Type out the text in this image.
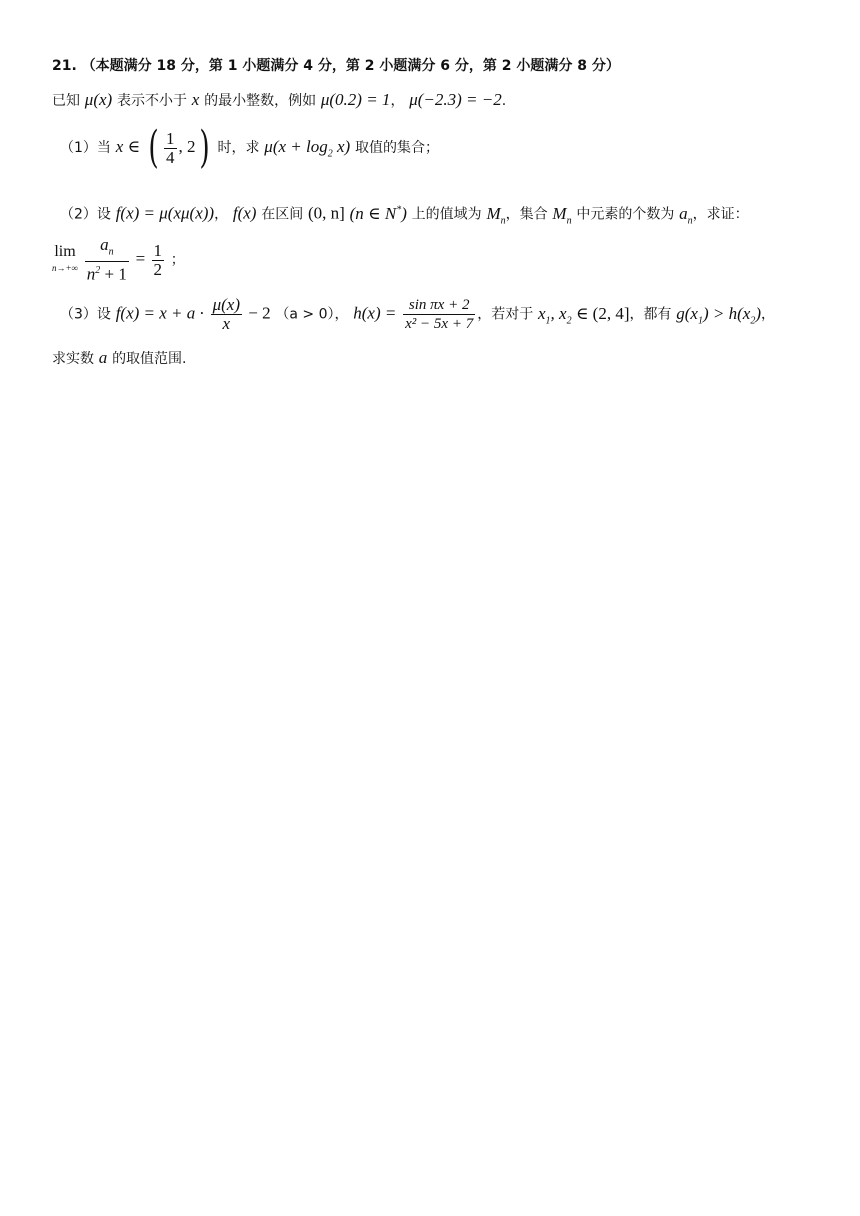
21. （本题满分 18 分，第 1 小题满分 4 分，第 2 小题满分 6 分，第 2 小题满分 8 分）
已知 μ(x) 表示不小于 x 的最小整数，例如 μ(0.2) = 1， μ(−2.3) = −2.
（1）当 x ∈ ( $\frac{1}{4}$ , 2) 时，求 $\mu(x + \log_2 x)$ 取值的集合；
（2）设 f(x) = μ(xμ(x))， f(x) 在区间 (0, n] (n ∈ N*) 上的值域为 $M_n$，集合 $M_n$ 中元素的个数为 $a_n$，求证：
lim
n→+∞
$\frac{a_n}{n^2 + 1} = \frac{1}{2}$ ；
（3）设 $f(x) = x + a \cdot \frac{\mu(x)}{x} - 2$ （a > 0）， $h(x) = \frac{\text{sin πx + 2}}{\text{x² − 5x + 7}}$ ，若对于 $x_1$, $x_2$ ∈ (2, 4]，都有 $g(x_1) > h(x_2)$，
求实数 a 的取值范围.
